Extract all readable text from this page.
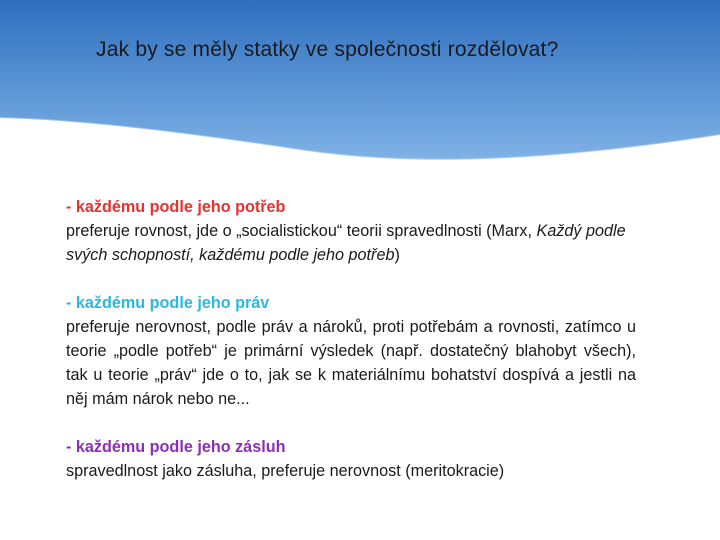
Jak by se měly statky ve společnosti rozdělovat?
- každému podle jeho potřeb
preferuje rovnost, jde o „socialistickou“ teorii spravedlnosti (Marx, Každý podle svých schopností, každému podle jeho potřeb)
- každému podle jeho práv
preferuje nerovnost, podle práv a nároků, proti potřebám a rovnosti, zatímco u teorie „podle potřeb“ je primární výsledek (např. dostatečný blahobyt všech), tak u teorie „práv“ jde o to, jak se k materiálnímu bohatství dospívá a jestli na něj mám nárok nebo ne...
- každému podle jeho zásluh
spravedlnost jako zásluha, preferuje nerovnost (meritokracie)
